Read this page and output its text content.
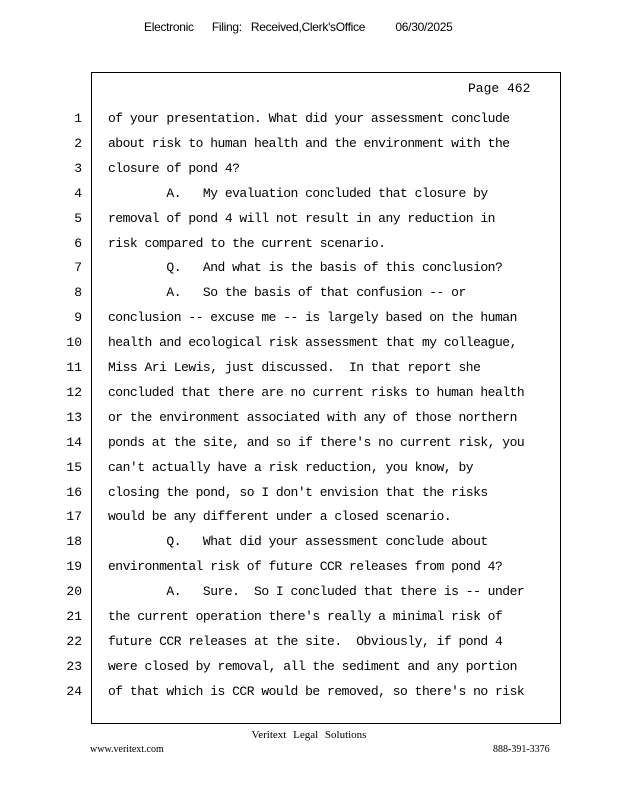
Electronic      Filing:   Received,Clerk'sOffice          06/30/2025
Page 462
1 of your presentation. What did your assessment conclude
2 about risk to human health and the environment with the
3 closure of pond 4?
4 A.   My evaluation concluded that closure by
5 removal of pond 4 will not result in any reduction in
6 risk compared to the current scenario.
7 Q.   And what is the basis of this conclusion?
8 A.   So the basis of that confusion -- or
9 conclusion -- excuse me -- is largely based on the human
10 health and ecological risk assessment that my colleague,
11 Miss Ari Lewis, just discussed.  In that report she
12 concluded that there are no current risks to human health
13 or the environment associated with any of those northern
14 ponds at the site, and so if there's no current risk, you
15 can't actually have a risk reduction, you know, by
16 closing the pond, so I don't envision that the risks
17 would be any different under a closed scenario.
18 Q.   What did your assessment conclude about
19 environmental risk of future CCR releases from pond 4?
20 A.   Sure.  So I concluded that there is -- under
21 the current operation there's really a minimal risk of
22 future CCR releases at the site.  Obviously, if pond 4
23 were closed by removal, all the sediment and any portion
24 of that which is CCR would be removed, so there's no risk
Veritext Legal Solutions
www.veritext.com	888-391-3376
